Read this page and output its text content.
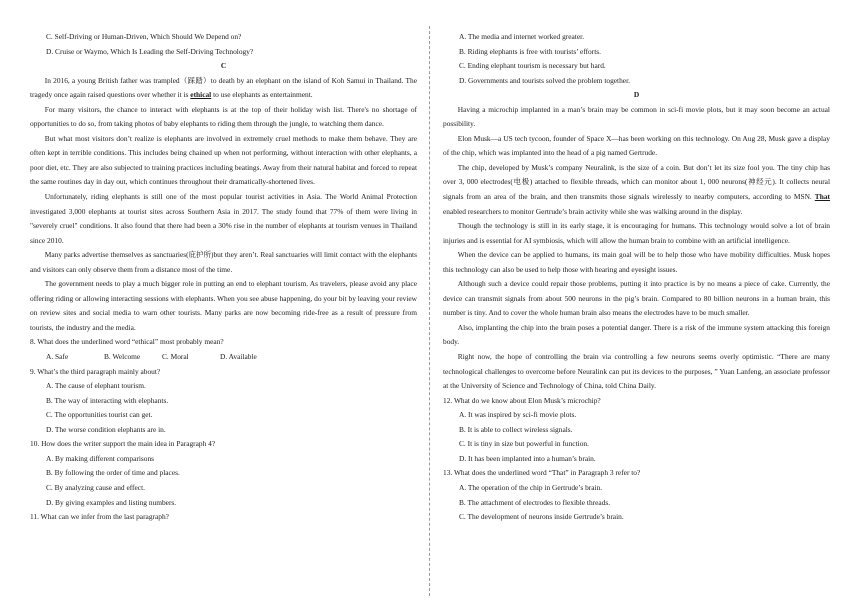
C. Self-Driving or Human-Driven, Which Should We Depend on?

D. Cruise or Waymo, Which Is Leading the Self-Driving Technology?

C

In 2016, a young British father was trampled（踩踏）to death by an elephant on the island of Koh Samui in Thailand. The tragedy once again raised questions over whether it is ethical to use elephants as entertainment.

For many visitors, the chance to interact with elephants is at the top of their holiday wish list. There's no shortage of opportunities to do so, from taking photos of baby elephants to riding them through the jungle, to watching them dance.

But what most visitors don’t realize is elephants are involved in extremely cruel methods to make them behave. They are often kept in terrible conditions. This includes being chained up when not performing, without interaction with other elephants, a poor diet, etc. They are also subjected to training practices including beatings. Away from their natural habitat and forced to repeat the same routines day in day out, which continues throughout their dramatically-shortened lives.

Unfortunately, riding elephants is still one of the most popular tourist activities in Asia. The World Animal Protection investigated 3,000 elephants at tourist sites across Southern Asia in 2017. The study found that 77% of them were living in "severely cruel" conditions. It also found that there had been a 30% rise in the number of elephants at tourism venues in Thailand since 2010.

Many parks advertise themselves as sanctuaries(庇护所)but they aren’t. Real sanctuaries will limit contact with the elephants and visitors can only observe them from a distance most of the time.

The government needs to play a much bigger role in putting an end to elephant tourism. As travelers, please avoid any place offering riding or allowing interacting sessions with elephants. When you see abuse happening, do your bit by leaving your review on review sites and social media to warn other tourists. Many parks are now becoming ride-free as a result of pressure from tourists, the industry and the media.

8. What does the underlined word “ethical” most probably mean?

A. Safe	B. Welcome	C. Moral	D. Available

9. What’s the third paragraph mainly about?

A. The cause of elephant tourism.

B. The way of interacting with elephants.

C. The opportunities tourist can get.

D. The worse condition elephants are in.

10. How does the writer support the main idea in Paragraph 4?

A. By making different comparisons

B. By following the order of time and places.

C. By analyzing cause and effect.

D. By giving examples and listing numbers.

11. What can we infer from the last paragraph?

A. The media and internet worked greater.

B. Riding elephants is free with tourists’ efforts.

C. Ending elephant tourism is necessary but hard.

D. Governments and tourists solved the problem together.

D

Having a microchip implanted in a man’s brain may be common in sci-fi movie plots, but it may soon become an actual possibility.

Elon Musk—a US tech tycoon, founder of Space X—has been working on this technology. On Aug 28, Musk gave a display of the chip, which was implanted into the head of a pig named Gertrude.

The chip, developed by Musk’s company Neuralink, is the size of a coin. But don’t let its size fool you. The tiny chip has over 3, 000 electrodes(电极) attached to flexible threads, which can monitor about 1, 000 neurons(神经元). It collects neural signals from an area of the brain, and then transmits those signals wirelessly to nearby computers, according to MSN. That enabled researchers to monitor Gertrude’s brain activity while she was walking around in the display.

Though the technology is still in its early stage, it is encouraging for humans. This technology would solve a lot of brain injuries and is essential for AI symbiosis, which will allow the human brain to combine with an artificial intelligence.

When the device can be applied to humans, its main goal will be to help those who have mobility difficulties. Musk hopes this technology can also be used to help those with hearing and eyesight issues.

Although such a device could repair those problems, putting it into practice is by no means a piece of cake. Currently, the device can transmit signals from about 500 neurons in the pig’s brain. Compared to 80 billion neurons in a human brain, this number is tiny. And to cover the whole human brain also means the electrodes have to be much smaller.

Also, implanting the chip into the brain poses a potential danger. There is a risk of the immune system attacking this foreign body.

Right now, the hope of controlling the brain via controlling a few neurons seems overly optimistic. “There are many technological challenges to overcome before Neuralink can put its devices to the purposes, ” Yuan Lanfeng, an associate professor at the University of Science and Technology of China, told China Daily.

12. What do we know about Elon Musk’s microchip?

A. It was inspired by sci-fi movie plots.

B. It is able to collect wireless signals.

C. It is tiny in size but powerful in function.

D. It has been implanted into a human’s brain.

13. What does the underlined word “That” in Paragraph 3 refer to?

A. The operation of the chip in Gertrude’s brain.

B. The attachment of electrodes to flexible threads.

C. The development of neurons inside Gertrude’s brain.
